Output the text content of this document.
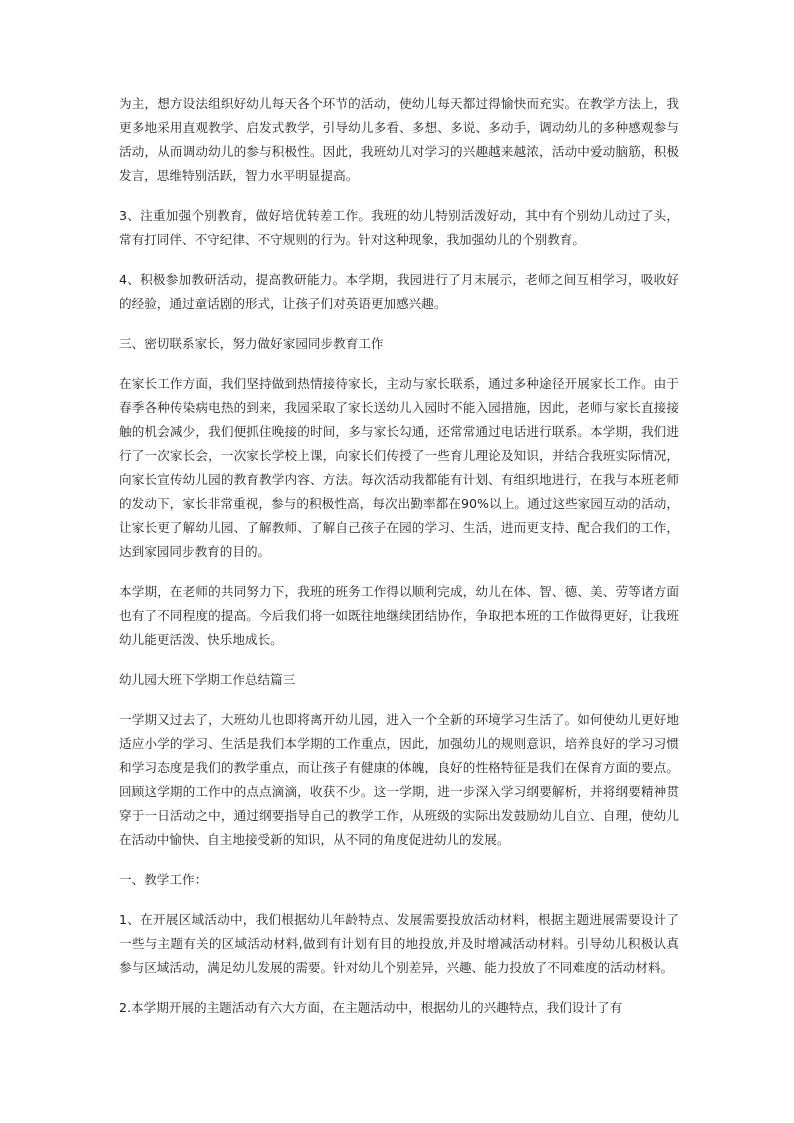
为主，想方设法组织好幼儿每天各个环节的活动，使幼儿每天都过得愉快而充实。在教学方法上，我更多地采用直观教学、启发式教学，引导幼儿多看、多想、多说、多动手，调动幼儿的多种感观参与活动，从而调动幼儿的参与积极性。因此，我班幼儿对学习的兴趣越来越浓，活动中爱动脑筋，积极发言，思维特别活跃，智力水平明显提高。

3、注重加强个别教育，做好培优转差工作。我班的幼儿特别活泼好动，其中有个别幼儿动过了头，常有打同伴、不守纪律、不守规则的行为。针对这种现象，我加强幼儿的个别教育。

4、积极参加教研活动，提高教研能力。本学期，我园进行了月末展示，老师之间互相学习，吸收好的经验，通过童话剧的形式，让孩子们对英语更加感兴趣。

三、密切联系家长，努力做好家园同步教育工作

在家长工作方面，我们坚持做到热情接待家长，主动与家长联系，通过多种途径开展家长工作。由于春季各种传染病电热的到来，我园采取了家长送幼儿入园时不能入园措施，因此，老师与家长直接接触的机会减少，我们便抓住晚接的时间，多与家长勾通，还常常通过电话进行联系。本学期，我们进行了一次家长会，一次家长学校上课，向家长们传授了一些育儿理论及知识，并结合我班实际情况，向家长宣传幼儿园的教育教学内容、方法。每次活动我都能有计划、有组织地进行，在我与本班老师的发动下，家长非常重视，参与的积极性高，每次出勤率都在90%以上。通过这些家园互动的活动，让家长更了解幼儿园、了解教师、了解自己孩子在园的学习、生活，进而更支持、配合我们的工作，达到家园同步教育的目的。

本学期，在老师的共同努力下，我班的班务工作得以顺利完成，幼儿在体、智、德、美、劳等诸方面也有了不同程度的提高。今后我们将一如既往地继续团结协作，争取把本班的工作做得更好，让我班幼儿能更活泼、快乐地成长。

幼儿园大班下学期工作总结篇三

一学期又过去了，大班幼儿也即将离开幼儿园，进入一个全新的环境学习生活了。如何使幼儿更好地适应小学的学习、生活是我们本学期的工作重点，因此，加强幼儿的规则意识，培养良好的学习习惯和学习态度是我们的教学重点，而让孩子有健康的体魄，良好的性格特征是我们在保育方面的要点。回顾这学期的工作中的点点滴滴，收获不少。这一学期，进一步深入学习纲要解析，并将纲要精神贯穿于一日活动之中，通过纲要指导自己的教学工作，从班级的实际出发鼓励幼儿自立、自理，使幼儿在活动中愉快、自主地接受新的知识，从不同的角度促进幼儿的发展。

一、教学工作：

1、在开展区域活动中，我们根据幼儿年龄特点、发展需要投放活动材料，根据主题进展需要设计了一些与主题有关的区域活动材料,做到有计划有目的地投放,并及时增减活动材料。引导幼儿积极认真参与区域活动，满足幼儿发展的需要。针对幼儿个别差异，兴趣、能力投放了不同难度的活动材料。

2.本学期开展的主题活动有六大方面，在主题活动中，根据幼儿的兴趣特点，我们设计了有
